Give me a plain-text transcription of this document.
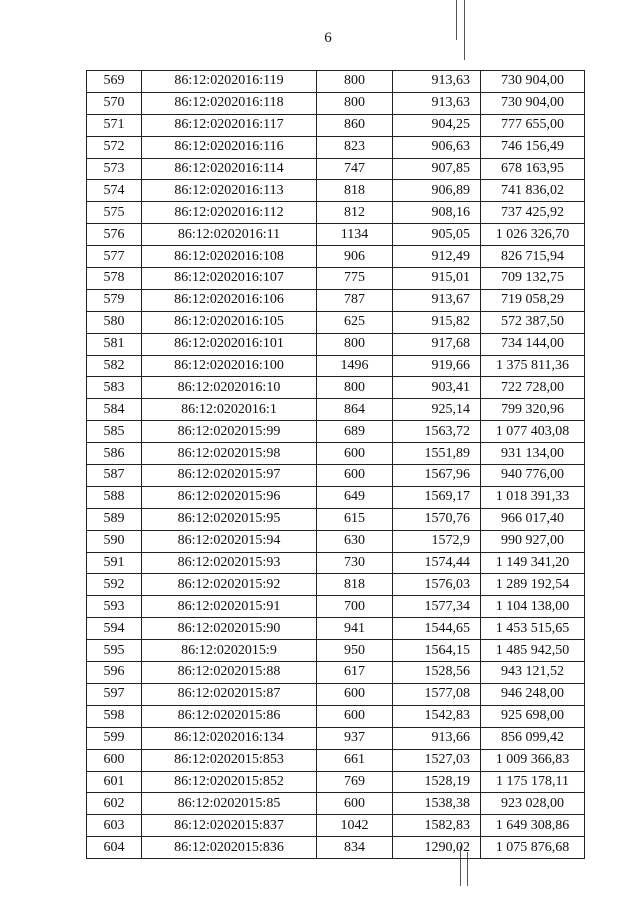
6
569	86:12:0202016:119	800	913,63	730 904,00
570	86:12:0202016:118	800	913,63	730 904,00
571	86:12:0202016:117	860	904,25	777 655,00
572	86:12:0202016:116	823	906,63	746 156,49
573	86:12:0202016:114	747	907,85	678 163,95
574	86:12:0202016:113	818	906,89	741 836,02
575	86:12:0202016:112	812	908,16	737 425,92
576	86:12:0202016:11	1134	905,05	1 026 326,70
577	86:12:0202016:108	906	912,49	826 715,94
578	86:12:0202016:107	775	915,01	709 132,75
579	86:12:0202016:106	787	913,67	719 058,29
580	86:12:0202016:105	625	915,82	572 387,50
581	86:12:0202016:101	800	917,68	734 144,00
582	86:12:0202016:100	1496	919,66	1 375 811,36
583	86:12:0202016:10	800	903,41	722 728,00
584	86:12:0202016:1	864	925,14	799 320,96
585	86:12:0202015:99	689	1563,72	1 077 403,08
586	86:12:0202015:98	600	1551,89	931 134,00
587	86:12:0202015:97	600	1567,96	940 776,00
588	86:12:0202015:96	649	1569,17	1 018 391,33
589	86:12:0202015:95	615	1570,76	966 017,40
590	86:12:0202015:94	630	1572,9	990 927,00
591	86:12:0202015:93	730	1574,44	1 149 341,20
592	86:12:0202015:92	818	1576,03	1 289 192,54
593	86:12:0202015:91	700	1577,34	1 104 138,00
594	86:12:0202015:90	941	1544,65	1 453 515,65
595	86:12:0202015:9	950	1564,15	1 485 942,50
596	86:12:0202015:88	617	1528,56	943 121,52
597	86:12:0202015:87	600	1577,08	946 248,00
598	86:12:0202015:86	600	1542,83	925 698,00
599	86:12:0202016:134	937	913,66	856 099,42
600	86:12:0202015:853	661	1527,03	1 009 366,83
601	86:12:0202015:852	769	1528,19	1 175 178,11
602	86:12:0202015:85	600	1538,38	923 028,00
603	86:12:0202015:837	1042	1582,83	1 649 308,86
604	86:12:0202015:836	834	1290,02	1 075 876,68
